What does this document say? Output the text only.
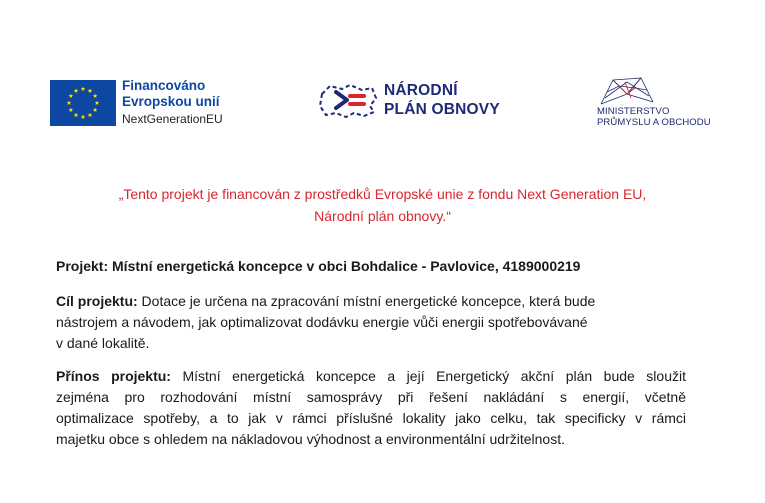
Financováno
Evropskou unií
NextGenerationEU
NÁRODNÍ
PLÁN OBNOVY	MINISTERSTVO
PRŮMYSLU A OBCHODU
„Tento projekt je financován z prostředků Evropské unie z fondu Next Generation EU,
Národní plán obnovy.“

Projekt: Místní energetická koncepce v obci Bohdalice - Pavlovice, 4189000219

Cíl projektu: Dotace je určena na zpracování místní energetické koncepce, která bude
nástrojem a návodem, jak optimalizovat dodávku energie vůči energii spotřebovávané
v dané lokalitě.

Přínos projektu: Místní energetická koncepce a její Energetický akční plán bude sloužit
zejména pro rozhodování místní samosprávy při řešení nakládání s energií, včetně
optimalizace spotřeby, a to jak v rámci příslušné lokality jako celku, tak specificky v rámci
majetku obce s ohledem na nákladovou výhodnost a environmentální udržitelnost.
